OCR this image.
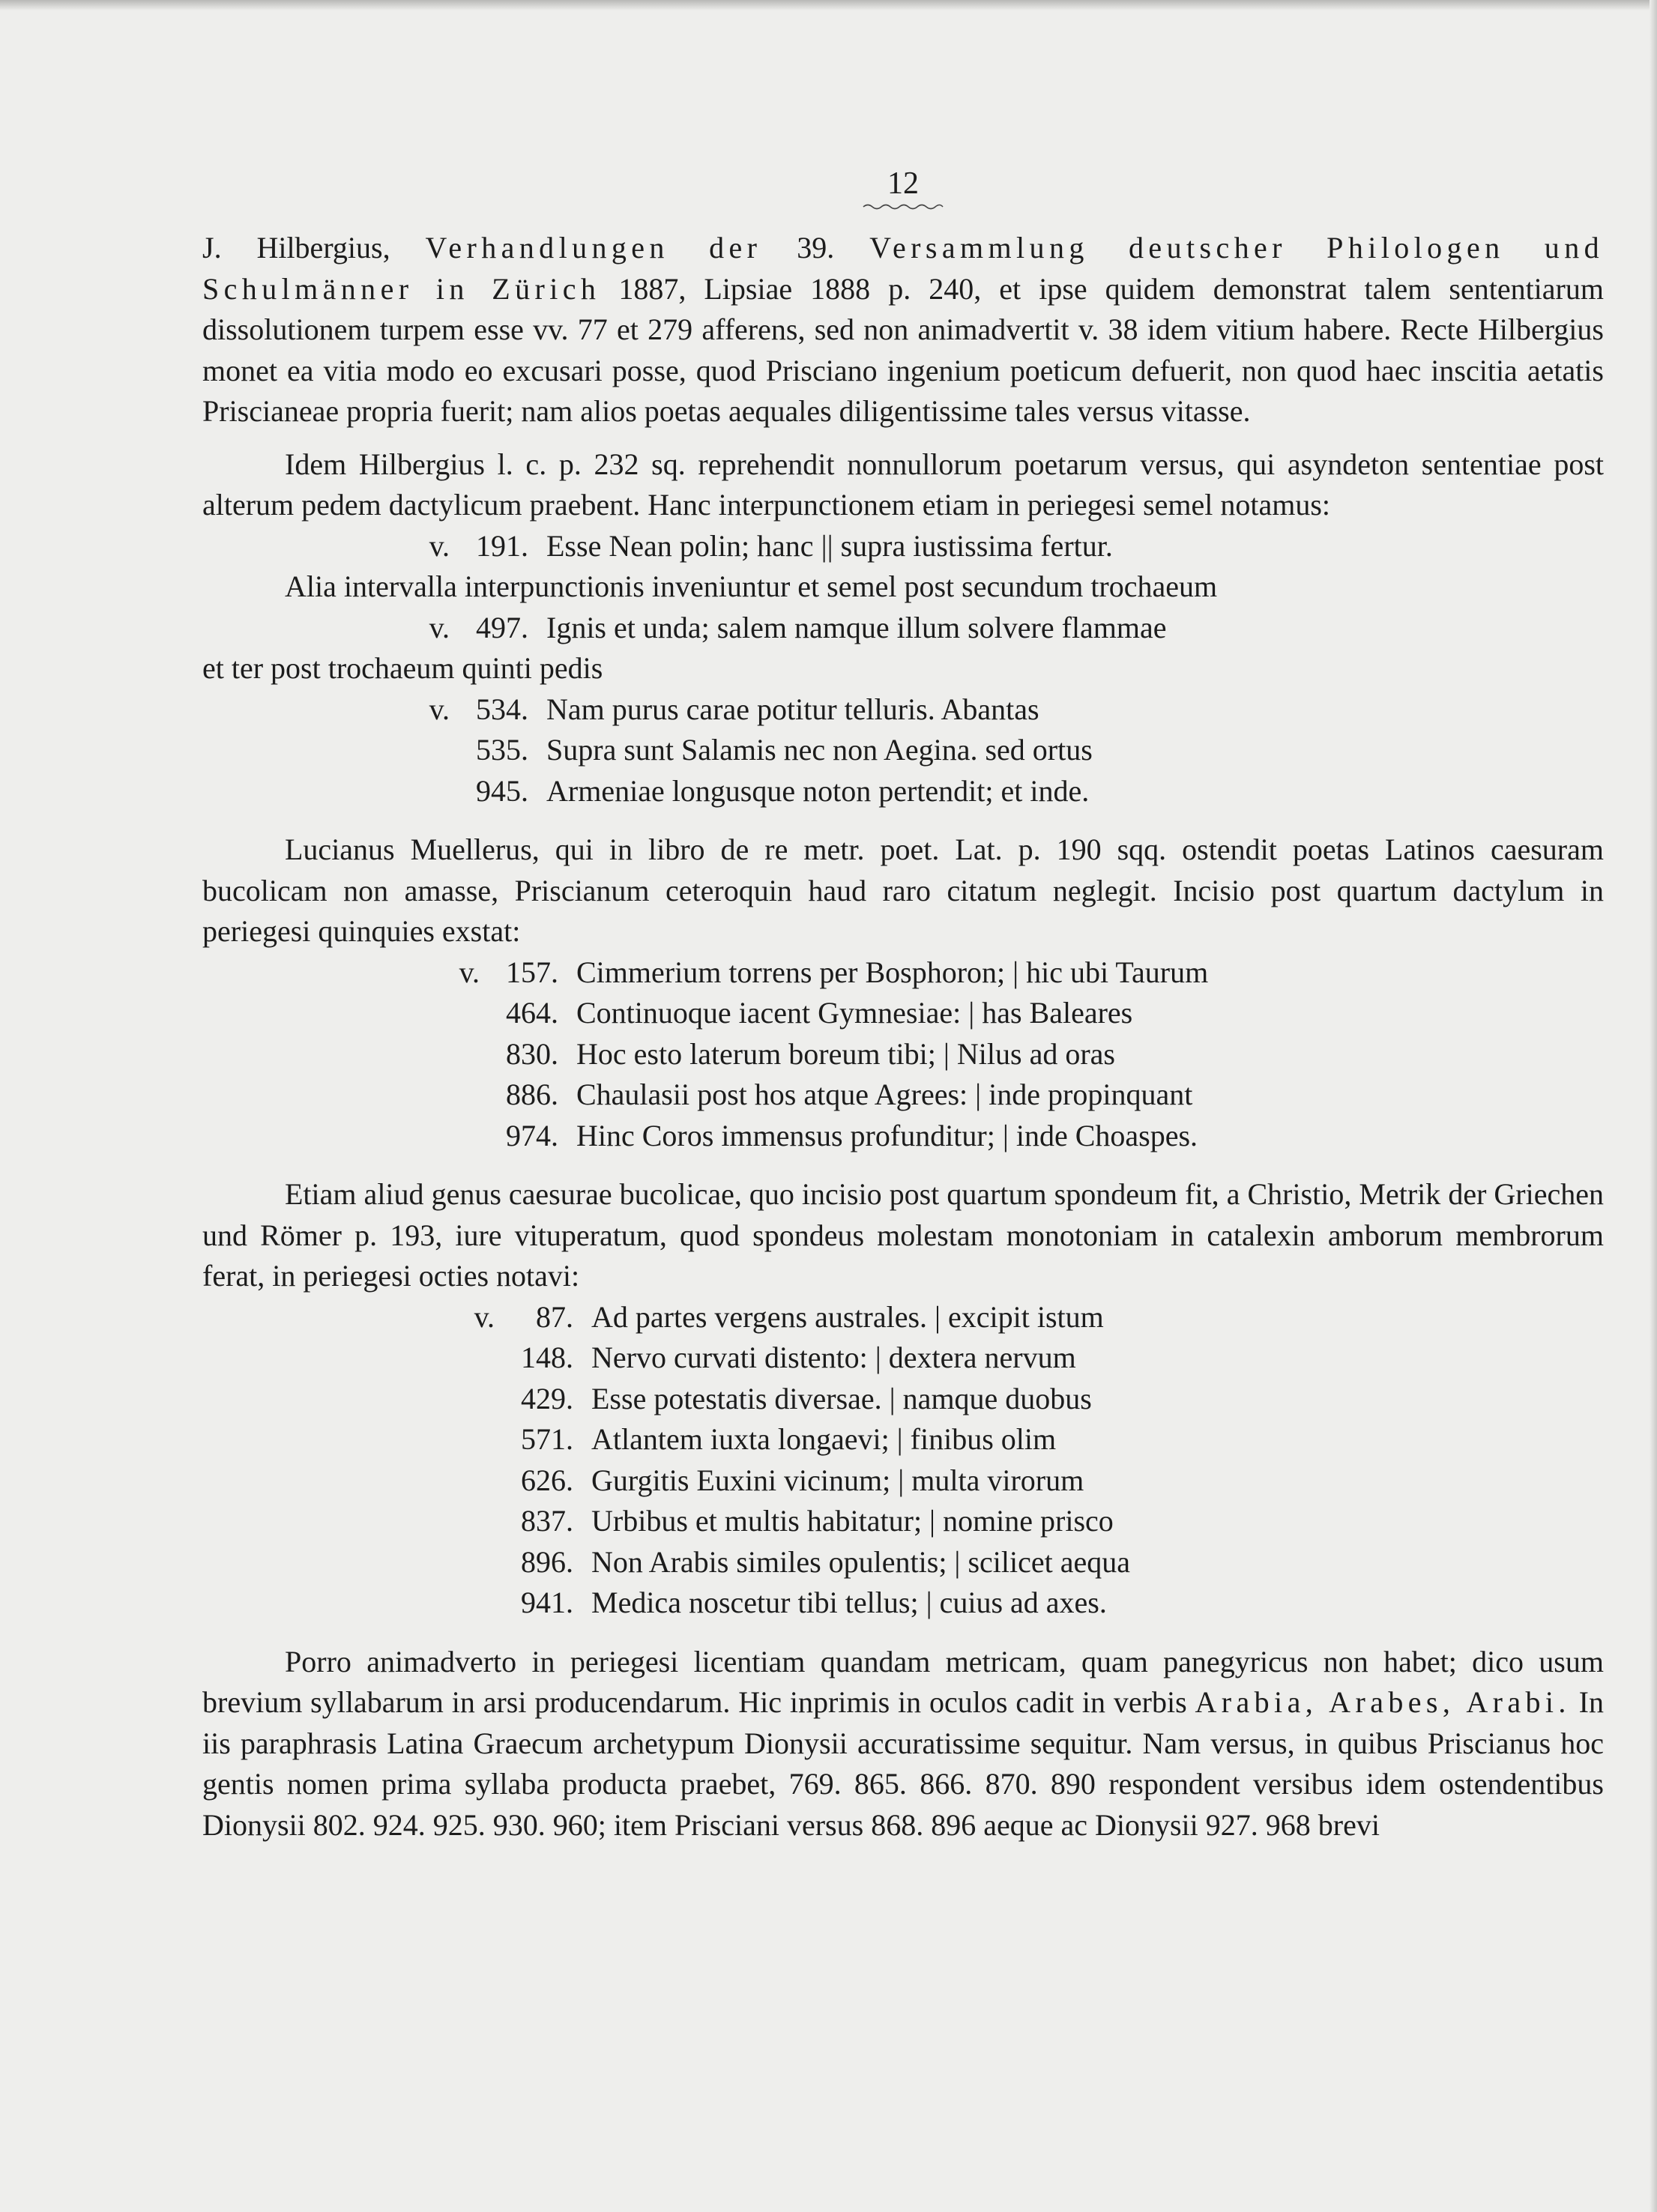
12

J. Hilbergius, Verhandlungen der 39. Versammlung deutscher Philologen und Schulmänner in Zürich 1887, Lipsiae 1888 p. 240, et ipse quidem demonstrat talem sententiarum dissolutionem turpem esse vv. 77 et 279 afferens, sed non animadvertit v. 38 idem vitium habere. Recte Hilbergius monet ea vitia modo eo excusari posse, quod Prisciano ingenium poeticum defuerit, non quod haec inscitia aetatis Priscianeae propria fuerit; nam alios poetas aequales diligentissime tales versus vitasse.

Idem Hilbergius l. c. p. 232 sq. reprehendit nonnullorum poetarum versus, qui asyndeton sententiae post alterum pedem dactylicum praebent. Hanc interpunctionem etiam in periegesi semel notamus:

v. 191. Esse Nean polin; hanc || supra iustissima fertur.

Alia intervalla interpunctionis inveniuntur et semel post secundum trochaeum

v. 497. Ignis et unda; salem namque illum solvere flammae

et ter post trochaeum quinti pedis

v. 534. Nam purus carae potitur telluris. Abantas
535. Supra sunt Salamis nec non Aegina. sed ortus
945. Armeniae longusque noton pertendit; et inde.

Lucianus Muellerus, qui in libro de re metr. poet. Lat. p. 190 sqq. ostendit poetas Latinos caesuram bucolicam non amasse, Priscianum ceteroquin haud raro citatum neglegit. Incisio post quartum dactylum in periegesi quinquies exstat:

v. 157. Cimmerium torrens per Bosphoron; | hic ubi Taurum
464. Continuoque iacent Gymnesiae: | has Baleares
830. Hoc esto laterum boreum tibi; | Nilus ad oras
886. Chaulasii post hos atque Agrees: | inde propinquant
974. Hinc Coros immensus profunditur; | inde Choaspes.

Etiam aliud genus caesurae bucolicae, quo incisio post quartum spondeum fit, a Christio, Metrik der Griechen und Römer p. 193, iure vituperatum, quod spondeus molestam monotoniam in catalexin amborum membrorum ferat, in periegesi octies notavi:

v.	87. Ad partes vergens australes. | excipit istum
148. Nervo curvati distento: | dextera nervum
429. Esse potestatis diversae. | namque duobus
571. Atlantem iuxta longaevi; | finibus olim
626. Gurgitis Euxini vicinum; | multa virorum
837. Urbibus et multis habitatur; | nomine prisco
896. Non Arabis similes opulentis; | scilicet aequa
941. Medica noscetur tibi tellus; | cuius ad axes.

Porro animadverto in periegesi licentiam quandam metricam, quam panegyricus non habet; dico usum brevium syllabarum in arsi producendarum. Hic inprimis in oculos cadit in verbis Arabia, Arabes, Arabi. In iis paraphrasis Latina Graecum archetypum Dionysii accuratissime sequitur. Nam versus, in quibus Priscianus hoc gentis nomen prima syllaba producta praebet, 769. 865. 866. 870. 890 respondent versibus idem ostendentibus Dionysii 802. 924. 925. 930. 960; item Prisciani versus 868. 896 aeque ac Dionysii 927. 968 brevi
